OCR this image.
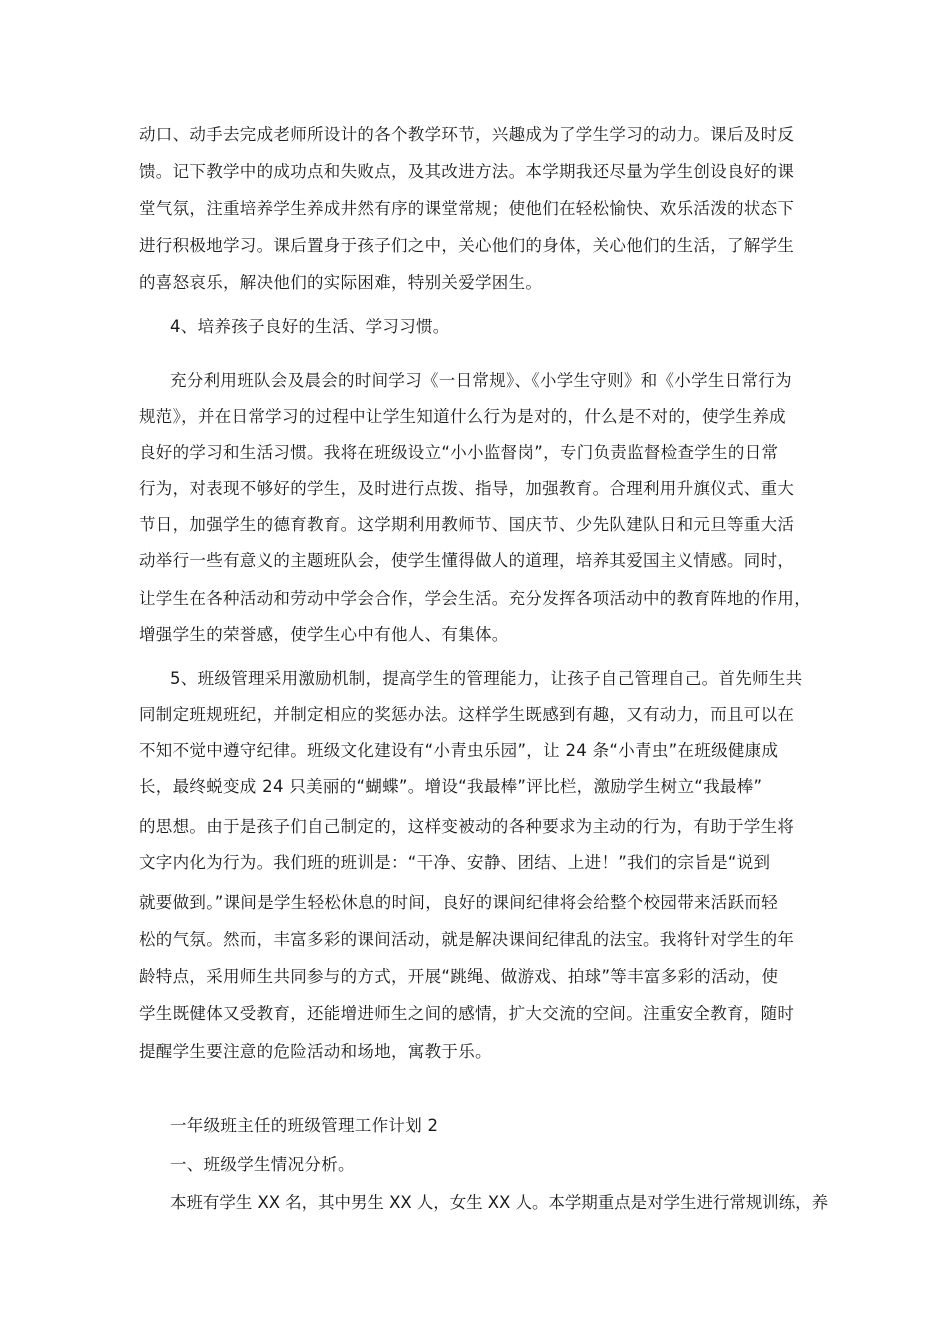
动口、动手去完成老师所设计的各个教学环节，兴趣成为了学生学习的动力。课后及时反
馈。记下教学中的成功点和失败点，及其改进方法。本学期我还尽量为学生创设良好的课
堂气氛，注重培养学生养成井然有序的课堂常规；使他们在轻松愉快、欢乐活泼的状态下
进行积极地学习。课后置身于孩子们之中，关心他们的身体，关心他们的生活，了解学生
的喜怒哀乐，解决他们的实际困难，特别关爱学困生。
4、培养孩子良好的生活、学习习惯。
充分利用班队会及晨会的时间学习《一日常规》、《小学生守则》和《小学生日常行为
规范》，并在日常学习的过程中让学生知道什么行为是对的，什么是不对的，使学生养成
良好的学习和生活习惯。我将在班级设立“小小监督岗”，专门负责监督检查学生的日常
行为，对表现不够好的学生，及时进行点拨、指导，加强教育。合理利用升旗仪式、重大
节日，加强学生的德育教育。这学期利用教师节、国庆节、少先队建队日和元旦等重大活
动举行一些有意义的主题班队会，使学生懂得做人的道理，培养其爱国主义情感。同时，
让学生在各种活动和劳动中学会合作，学会生活。充分发挥各项活动中的教育阵地的作用，
增强学生的荣誉感，使学生心中有他人、有集体。
5、班级管理采用激励机制，提高学生的管理能力，让孩子自己管理自己。首先师生共
同制定班规班纪，并制定相应的奖惩办法。这样学生既感到有趣，又有动力，而且可以在
不知不觉中遵守纪律。班级文化建设有“小青虫乐园”，让 24 条“小青虫”在班级健康成
长，最终蜕变成 24 只美丽的“蝴蝶”。增设“我最棒”评比栏，激励学生树立“我最棒”
的思想。由于是孩子们自己制定的，这样变被动的各种要求为主动的行为，有助于学生将
文字内化为行为。我们班的班训是：“干净、安静、团结、上进！”我们的宗旨是“说到
就要做到。”课间是学生轻松休息的时间，良好的课间纪律将会给整个校园带来活跃而轻
松的气氛。然而，丰富多彩的课间活动，就是解决课间纪律乱的法宝。我将针对学生的年
龄特点，采用师生共同参与的方式，开展“跳绳、做游戏、拍球”等丰富多彩的活动，使
学生既健体又受教育，还能增进师生之间的感情，扩大交流的空间。注重安全教育，随时
提醒学生要注意的危险活动和场地，寓教于乐。
一年级班主任的班级管理工作计划 2
一、班级学生情况分析。
本班有学生 XX 名，其中男生 XX 人，女生 XX 人。本学期重点是对学生进行常规训练，养
